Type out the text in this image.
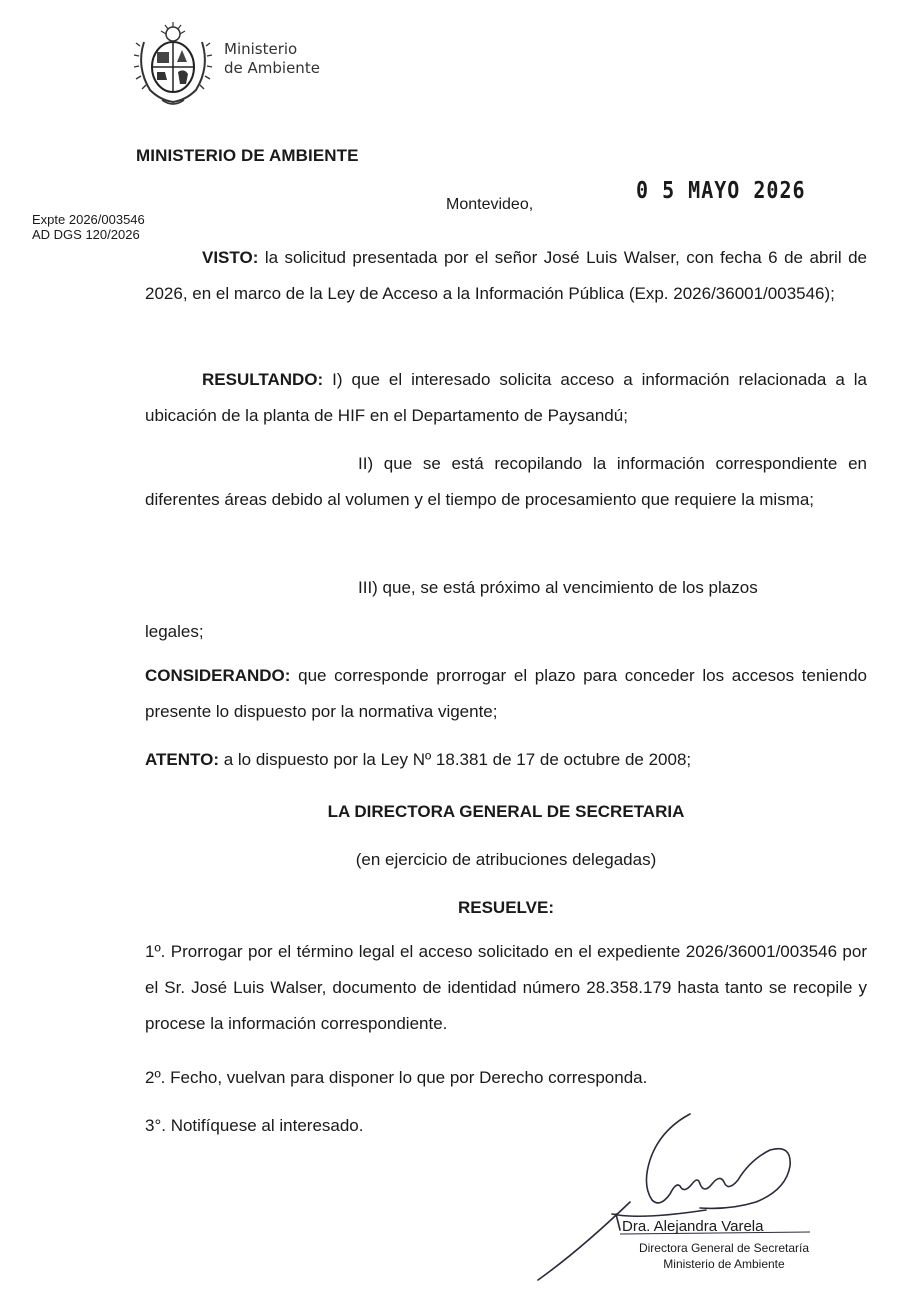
Ministerio
de Ambiente
MINISTERIO DE AMBIENTE
0 5 MAYO 2026
Montevideo,
Expte 2026/003546
AD DGS 120/2026
VISTO: la solicitud presentada por el señor José Luis Walser, con fecha 6 de abril de 2026, en el marco de la Ley de Acceso a la Información Pública (Exp. 2026/36001/003546);
RESULTANDO: I) que el interesado solicita acceso a información relacionada a la ubicación de la planta de HIF en el Departamento de Paysandú;
II) que se está recopilando la información correspondiente en diferentes áreas debido al volumen y el tiempo de procesamiento que requiere la misma;
III) que, se está próximo al vencimiento de los plazos
legales;
CONSIDERANDO: que corresponde prorrogar el plazo para conceder los accesos teniendo presente lo dispuesto por la normativa vigente;
ATENTO: a lo dispuesto por la Ley Nº 18.381 de 17 de octubre de 2008;
LA DIRECTORA GENERAL DE SECRETARIA
(en ejercicio de atribuciones delegadas)
RESUELVE:
1º. Prorrogar por el término legal el acceso solicitado en el expediente 2026/36001/003546 por el Sr. José Luis Walser, documento de identidad número 28.358.179 hasta tanto se recopile y procese la información correspondiente.
2º. Fecho, vuelvan para disponer lo que por Derecho corresponda.
3°. Notifíquese al interesado.
Dra. Alejandra Varela
Directora General de Secretaría
Ministerio de Ambiente
